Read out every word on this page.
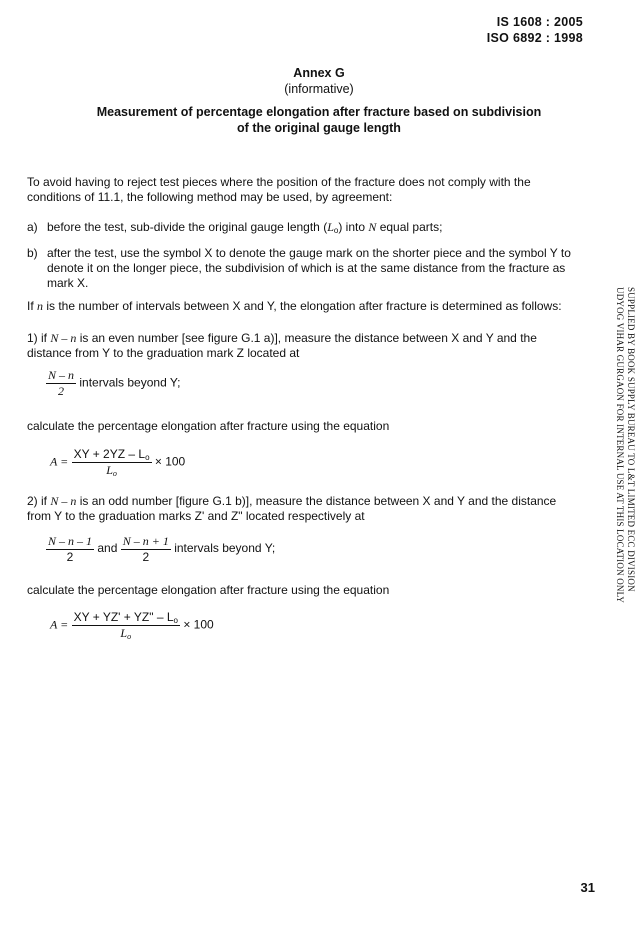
IS 1608 : 2005
ISO 6892 : 1998
Annex G
(informative)
Measurement of percentage elongation after fracture based on subdivision
of the original gauge length
To avoid having to reject test pieces where the position of the fracture does not comply with the
conditions of 11.1, the following method may be used, by agreement:
a) before the test, sub-divide the original gauge length $(L_o)$ into N equal parts;
b) after the test, use the symbol X to denote the gauge mark on the shorter piece and the symbol Y to
denote it on the longer piece, the subdivision of which is at the same distance from the fracture as
mark X.
If n is the number of intervals between X and Y, the elongation after fracture is determined as follows:
1) if N – n is an even number [see figure G.1 a)], measure the distance between X and Y and the
distance from Y to the graduation mark Z located at
$\frac{N - n}{2}$ intervals beyond Y;
calculate the percentage elongation after fracture using the equation
$A = \frac{XY + 2YZ - L_o}{L_o} \times 100$
2) if N – n is an odd number [figure G.1 b)], measure the distance between X and Y and the distance
from Y to the graduation marks Z' and Z" located respectively at
$\frac{N - n - 1}{2}$ and $\frac{N - n + 1}{2}$ intervals beyond Y;
calculate the percentage elongation after fracture using the equation
$A = \frac{XY + YZ' + YZ" - L_o}{L_o} \times 100$
SUPPLIED BY BOOK SUPPLY BUREAU TO L&T LIMITED ECC DIVISION
UDYOG VIHAR GURGAON FOR INTERNAL USE AT THIS LOCATION ONLY
31
